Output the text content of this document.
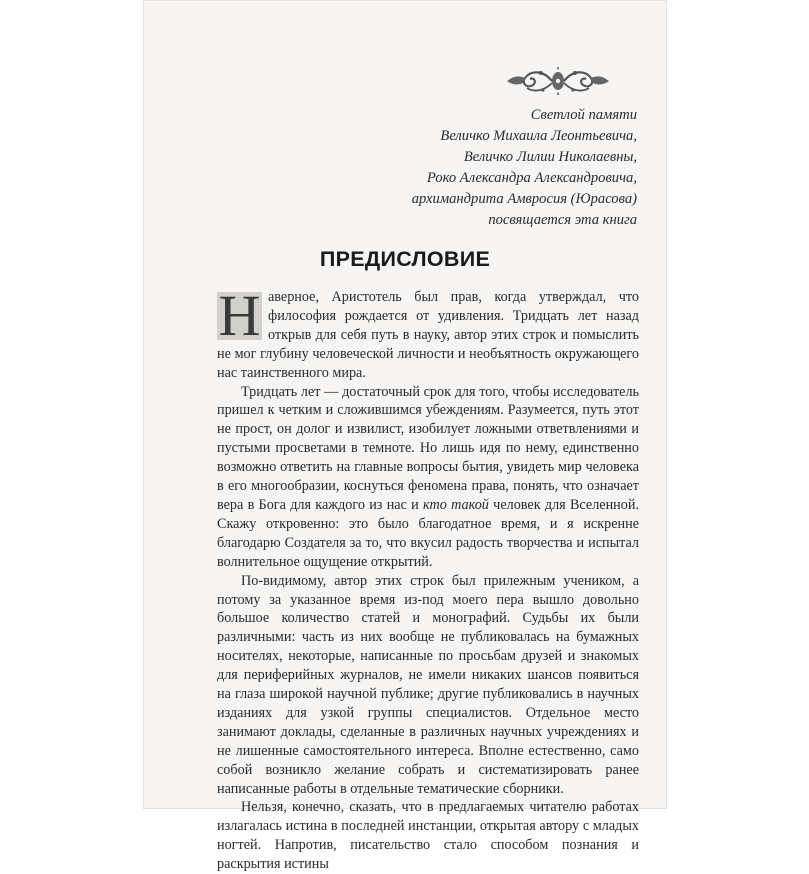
Светлой памяти
Величко Михаила Леонтьевича,
Величко Лилии Николаевны,
Роко Александра Александровича,
архимандрита Амвросия (Юрасова)
посвящается эта книга
ПРЕДИСЛОВИЕ

Н аверное, Аристотель был прав, когда утверждал, что философия рождается от удивления. Тридцать лет назад открыв для себя путь в науку, автор этих строк и помыслить не мог глубину человеческой личности и необъятность окружающего нас таинственного мира.

Тридцать лет — достаточный срок для того, чтобы исследователь пришел к четким и сложившимся убеждениям. Разумеется, путь этот не прост, он долог и извилист, изобилует ложными ответвлениями и пустыми просветами в темноте. Но лишь идя по нему, единственно возможно ответить на главные вопросы бытия, увидеть мир человека в его многообразии, коснуться феномена права, понять, что означает вера в Бога для каждого из нас и кто такой человек для Вселенной. Скажу откровенно: это было благодатное время, и я искренне благодарю Создателя за то, что вкусил радость творчества и испытал волнительное ощущение открытий.

По-видимому, автор этих строк был прилежным учеником, а потому за указанное время из-под моего пера вышло довольно большое количество статей и монографий. Судьбы их были различными: часть из них вообще не публиковалась на бумажных носителях, некоторые, написанные по просьбам друзей и знакомых для периферийных журналов, не имели никаких шансов появиться на глаза широкой научной публике; другие публиковались в научных изданиях для узкой группы специалистов. Отдельное место занимают доклады, сделанные в различных научных учреждениях и не лишенные самостоятельного интереса. Вполне естественно, само собой возникло желание собрать и систематизировать ранее написанные работы в отдельные тематические сборники.

Нельзя, конечно, сказать, что в предлагаемых читателю работах излагалась истина в последней инстанции, открытая автору с младых ногтей. Напротив, писательство стало способом познания и раскрытия истины
